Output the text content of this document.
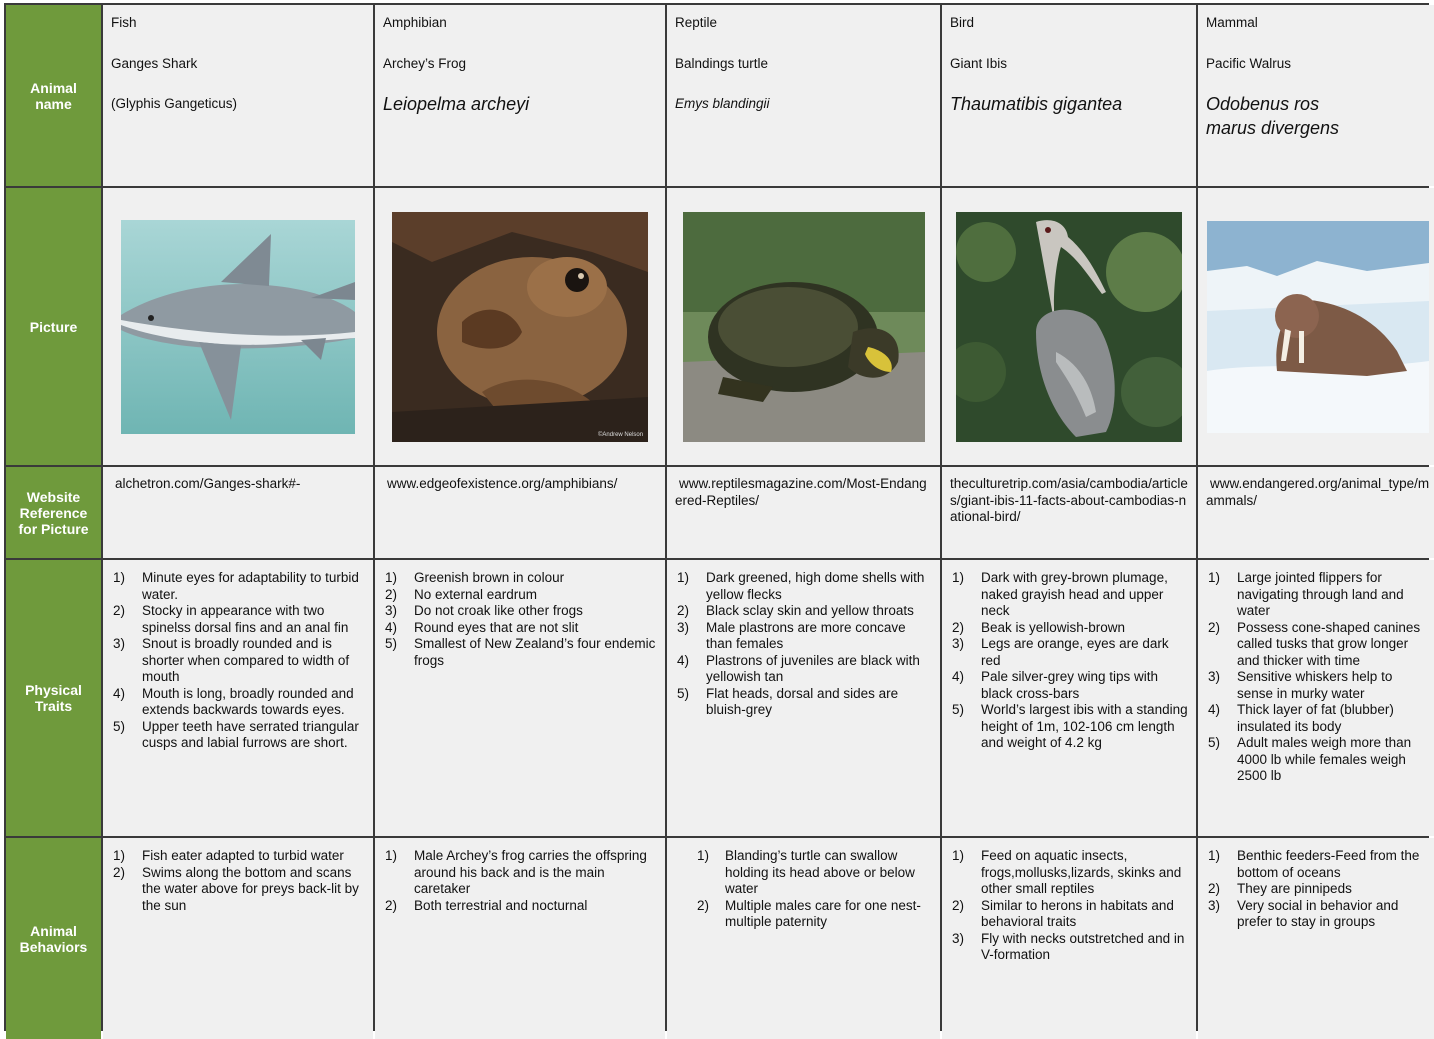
Animal name
Fish
Ganges Shark
(Glyphis Gangeticus)
Amphibian
Archey’s Frog
Leiopelma archeyi
Reptile
Balndings turtle
Emys blandingii
Bird
Giant Ibis
Thaumatibis gigantea
Mammal
Pacific Walrus
Odobenus ros marus divergens
Picture
©Andrew Nelson
Website Reference for Picture
alchetron.com/Ganges-shark#-	www.edgeofexistence.org/amphibians/	www.reptilesmagazine.com/Most-Endangered-Reptiles/
theculturetrip.com/asia/cambodia/articles/giant-ibis-11-facts-about-cambodias-national-bird/
www.endangered.org/animal_type/mammals/
Physical Traits
1) Minute eyes for adaptability to turbid water.
2) Stocky in appearance with two spinelss dorsal fins and an anal fin
3) Snout is broadly rounded and is shorter when compared to width of mouth
4) Mouth is long, broadly rounded and extends backwards towards eyes.
5) Upper teeth have serrated triangular cusps and labial furrows are short.
1) Greenish brown in colour
2) No external eardrum
3) Do not croak like other frogs
4) Round eyes that are not slit
5) Smallest of New Zealand’s four endemic frogs
1) Dark greened, high dome shells with yellow flecks
2) Black sclay skin and yellow throats
3) Male plastrons are more concave than females
4) Plastrons of juveniles are black with yellowish tan
5) Flat heads, dorsal and sides are bluish-grey
1) Dark with grey-brown plumage, naked grayish head and upper neck
2) Beak is yellowish-brown
3) Legs are orange, eyes are dark red
4) Pale silver-grey wing tips with black cross-bars
5) World’s largest ibis with a standing height of 1m, 102-106 cm length and weight of 4.2 kg
1) Large jointed flippers for navigating through land and water
2) Possess cone-shaped canines called tusks that grow longer and thicker with time
3) Sensitive whiskers help to sense in murky water
4) Thick layer of fat (blubber) insulated its body
5) Adult males weigh more than 4000 lb while females weigh 2500 lb
Animal Behaviors
1) Fish eater adapted to turbid water
2) Swims along the bottom and scans the water above for preys back-lit by the sun
1) Male Archey’s frog carries the offspring around his back and is the main caretaker
2) Both terrestrial and nocturnal
1) Blanding’s turtle can swallow holding its head above or below water
2) Multiple males care for one nest-multiple paternity
1) Feed on aquatic insects, frogs,mollusks,lizards, skinks and other small reptiles
2) Similar to herons in habitats and behavioral traits
3) Fly with necks outstretched and in V-formation
1) Benthic feeders-Feed from the bottom of oceans
2) They are pinnipeds
3) Very social in behavior and prefer to stay in groups
